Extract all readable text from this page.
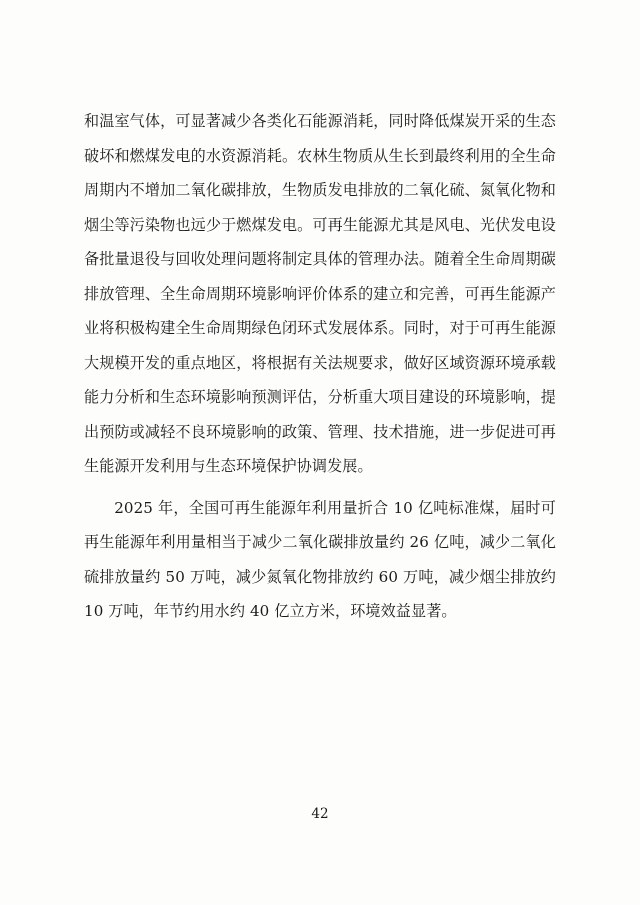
和温室气体，可显著减少各类化石能源消耗，同时降低煤炭开采的生态破坏和燃煤发电的水资源消耗。农林生物质从生长到最终利用的全生命周期内不增加二氧化碳排放，生物质发电排放的二氧化硫、氮氧化物和烟尘等污染物也远少于燃煤发电。可再生能源尤其是风电、光伏发电设备批量退役与回收处理问题将制定具体的管理办法。随着全生命周期碳排放管理、全生命周期环境影响评价体系的建立和完善，可再生能源产业将积极构建全生命周期绿色闭环式发展体系。同时，对于可再生能源大规模开发的重点地区，将根据有关法规要求，做好区域资源环境承载能力分析和生态环境影响预测评估，分析重大项目建设的环境影响，提出预防或减轻不良环境影响的政策、管理、技术措施，进一步促进可再生能源开发利用与生态环境保护协调发展。

2025 年，全国可再生能源年利用量折合 10 亿吨标准煤，届时可再生能源年利用量相当于减少二氧化碳排放量约 26 亿吨，减少二氧化硫排放量约 50 万吨，减少氮氧化物排放约 60 万吨，减少烟尘排放约 10 万吨，年节约用水约 40 亿立方米，环境效益显著。

42
